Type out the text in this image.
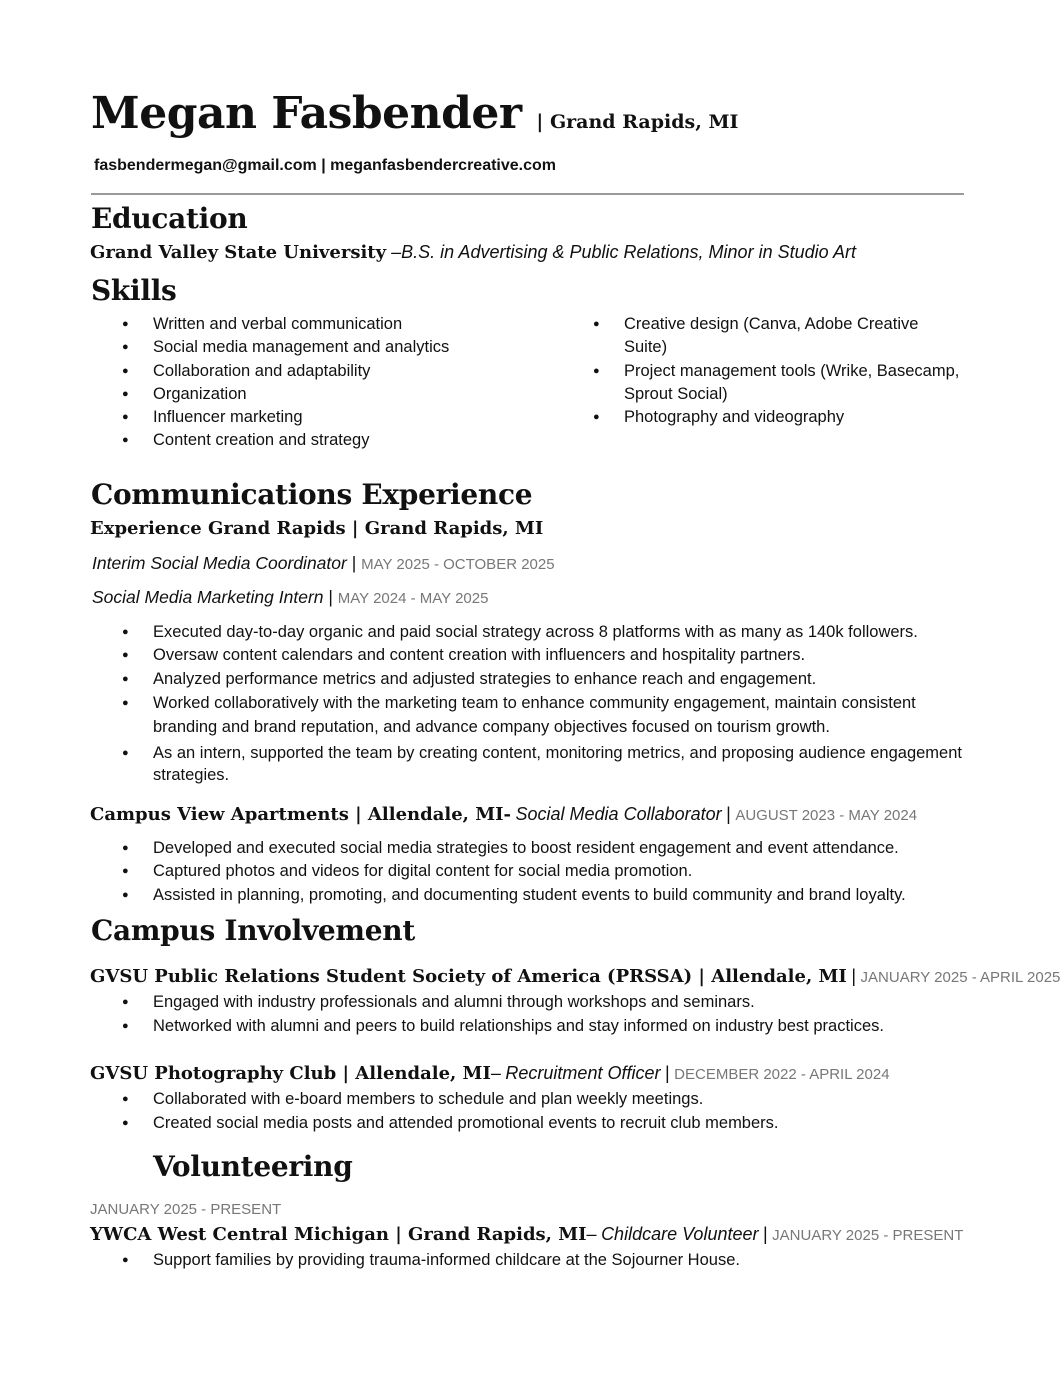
Megan Fasbender | Grand Rapids, MI
fasbendermegan@gmail.com | meganfasbendercreative.com
Education
Grand Valley State University –B.S. in Advertising & Public Relations, Minor in Studio Art
Skills
● Written and verbal communication
● Social media management and analytics
● Collaboration and adaptability
● Organization
● Influencer marketing
● Content creation and strategy
● Creative design (Canva, Adobe Creative Suite)
● Project management tools (Wrike, Basecamp, Sprout Social)
● Photography and videography
Communications Experience
Experience Grand Rapids | Grand Rapids, MI
Interim Social Media Coordinator | MAY 2025 - OCTOBER 2025
Social Media Marketing Intern | MAY 2024 - MAY 2025
● Executed day-to-day organic and paid social strategy across 8 platforms with as many as 140k followers.
● Oversaw content calendars and content creation with influencers and hospitality partners.
● Analyzed performance metrics and adjusted strategies to enhance reach and engagement.
● Worked collaboratively with the marketing team to enhance community engagement, maintain consistent branding and brand reputation, and advance company objectives focused on tourism growth.
● As an intern, supported the team by creating content, monitoring metrics, and proposing audience engagement strategies.
Campus View Apartments | Allendale, MI- Social Media Collaborator | AUGUST 2023 - MAY 2024
● Developed and executed social media strategies to boost resident engagement and event attendance.
● Captured photos and videos for digital content for social media promotion.
● Assisted in planning, promoting, and documenting student events to build community and brand loyalty.
Campus Involvement
GVSU Public Relations Student Society of America (PRSSA) | Allendale, MI | JANUARY 2025 - APRIL 2025
● Engaged with industry professionals and alumni through workshops and seminars.
● Networked with alumni and peers to build relationships and stay informed on industry best practices.
GVSU Photography Club | Allendale, MI– Recruitment Officer | DECEMBER 2022 - APRIL 2024
● Collaborated with e-board members to schedule and plan weekly meetings.
● Created social media posts and attended promotional events to recruit club members.
Volunteering
JANUARY 2025 - PRESENT
YWCA West Central Michigan | Grand Rapids, MI– Childcare Volunteer | JANUARY 2025 - PRESENT
● Support families by providing trauma-informed childcare at the Sojourner House.
